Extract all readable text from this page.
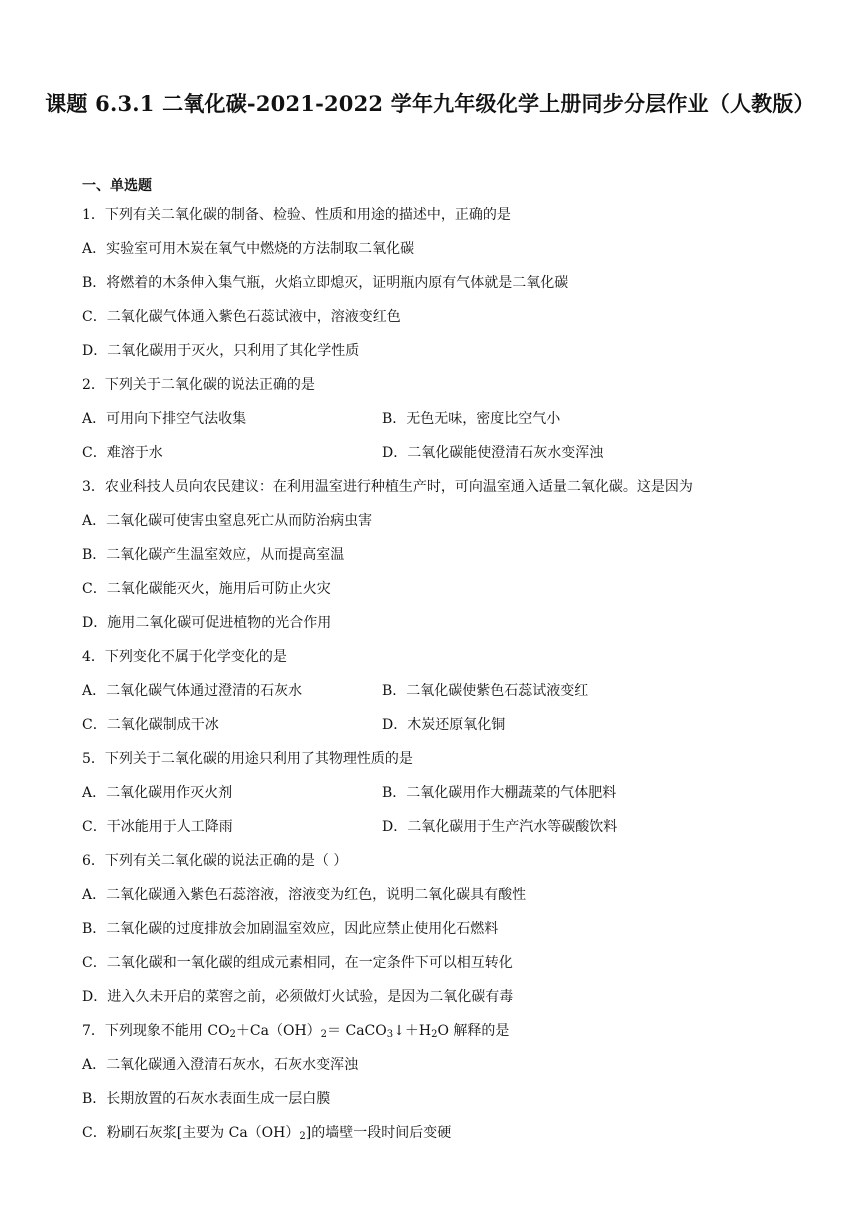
课题 6.3.1 二氧化碳-2021-2022 学年九年级化学上册同步分层作业（人教版）
一、单选题
1．下列有关二氧化碳的制备、检验、性质和用途的描述中，正确的是
A．实验室可用木炭在氧气中燃烧的方法制取二氧化碳
B．将燃着的木条伸入集气瓶，火焰立即熄灭，证明瓶内原有气体就是二氧化碳
C．二氧化碳气体通入紫色石蕊试液中，溶液变红色
D．二氧化碳用于灭火，只利用了其化学性质
2．下列关于二氧化碳的说法正确的是
A．可用向下排空气法收集	B．无色无味，密度比空气小
C．难溶于水	D．二氧化碳能使澄清石灰水变浑浊
3．农业科技人员向农民建议：在利用温室进行种植生产时，可向温室通入适量二氧化碳。这是因为
A．二氧化碳可使害虫窒息死亡从而防治病虫害
B．二氧化碳产生温室效应，从而提高室温
C．二氧化碳能灭火，施用后可防止火灾
D．施用二氧化碳可促进植物的光合作用
4．下列变化不属于化学变化的是
A．二氧化碳气体通过澄清的石灰水	B．二氧化碳使紫色石蕊试液变红
C．二氧化碳制成干冰	D．木炭还原氧化铜
5．下列关于二氧化碳的用途只利用了其物理性质的是
A．二氧化碳用作灭火剂	B．二氧化碳用作大棚蔬菜的气体肥料
C．干冰能用于人工降雨	D．二氧化碳用于生产汽水等碳酸饮料
6．下列有关二氧化碳的说法正确的是（ ）
A．二氧化碳通入紫色石蕊溶液，溶液变为红色，说明二氧化碳具有酸性
B．二氧化碳的过度排放会加剧温室效应，因此应禁止使用化石燃料
C．二氧化碳和一氧化碳的组成元素相同，在一定条件下可以相互转化
D．进入久未开启的菜窖之前，必须做灯火试验，是因为二氧化碳有毒
7．下列现象不能用 $CO_2+Ca(OH)_2=$ $CaCO_3↓+H_2O$ 解释的是
A．二氧化碳通入澄清石灰水，石灰水变浑浊
B．长期放置的石灰水表面生成一层白膜
C．粉刷石灰浆[主要为 $Ca(OH)_2$]的墙壁一段时间后变硬
